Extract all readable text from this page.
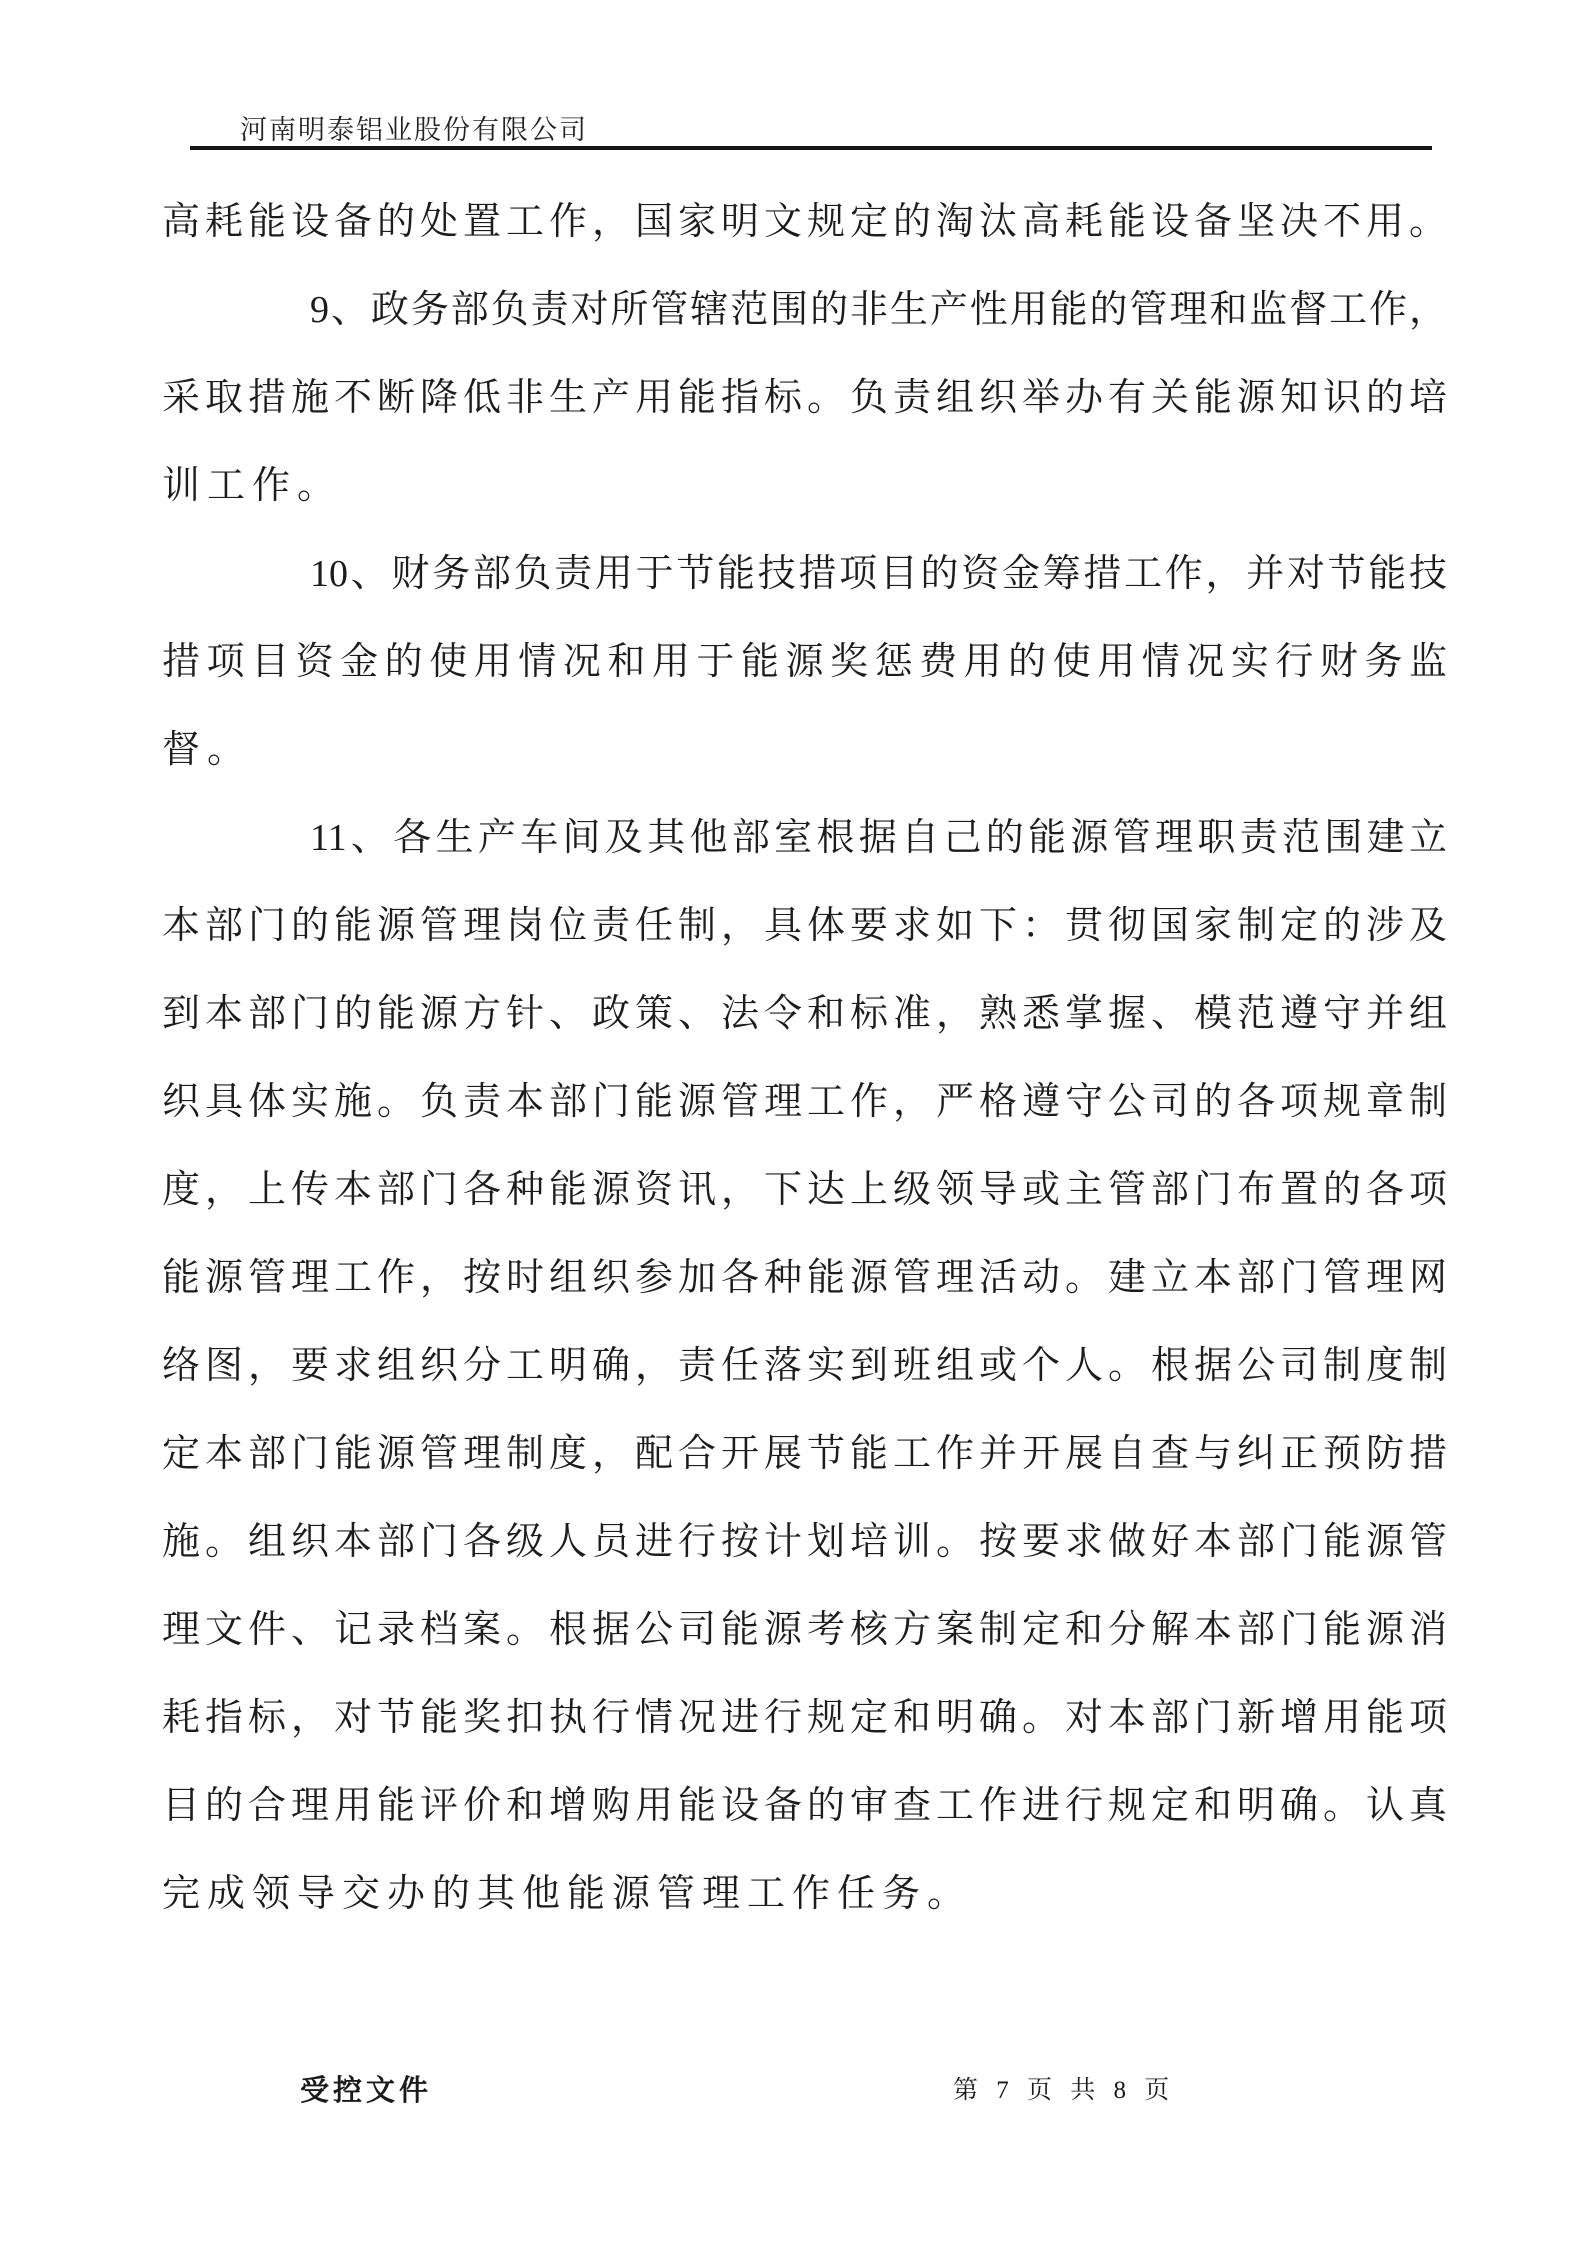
河南明泰铝业股份有限公司
高耗能设备的处置工作，国家明文规定的淘汰高耗能设备坚决不用。
9、政务部负责对所管辖范围的非生产性用能的管理和监督工作，
采取措施不断降低非生产用能指标。负责组织举办有关能源知识的培
训工作。
10、财务部负责用于节能技措项目的资金筹措工作，并对节能技
措项目资金的使用情况和用于能源奖惩费用的使用情况实行财务监
督。
11、各生产车间及其他部室根据自己的能源管理职责范围建立
本部门的能源管理岗位责任制，具体要求如下：贯彻国家制定的涉及
到本部门的能源方针、政策、法令和标准，熟悉掌握、模范遵守并组
织具体实施。负责本部门能源管理工作，严格遵守公司的各项规章制
度，上传本部门各种能源资讯，下达上级领导或主管部门布置的各项
能源管理工作，按时组织参加各种能源管理活动。建立本部门管理网
络图，要求组织分工明确，责任落实到班组或个人。根据公司制度制
定本部门能源管理制度，配合开展节能工作并开展自查与纠正预防措
施。组织本部门各级人员进行按计划培训。按要求做好本部门能源管
理文件、记录档案。根据公司能源考核方案制定和分解本部门能源消
耗指标，对节能奖扣执行情况进行规定和明确。对本部门新增用能项
目的合理用能评价和增购用能设备的审查工作进行规定和明确。认真
完成领导交办的其他能源管理工作任务。
受控文件	第 7 页 共 8 页
